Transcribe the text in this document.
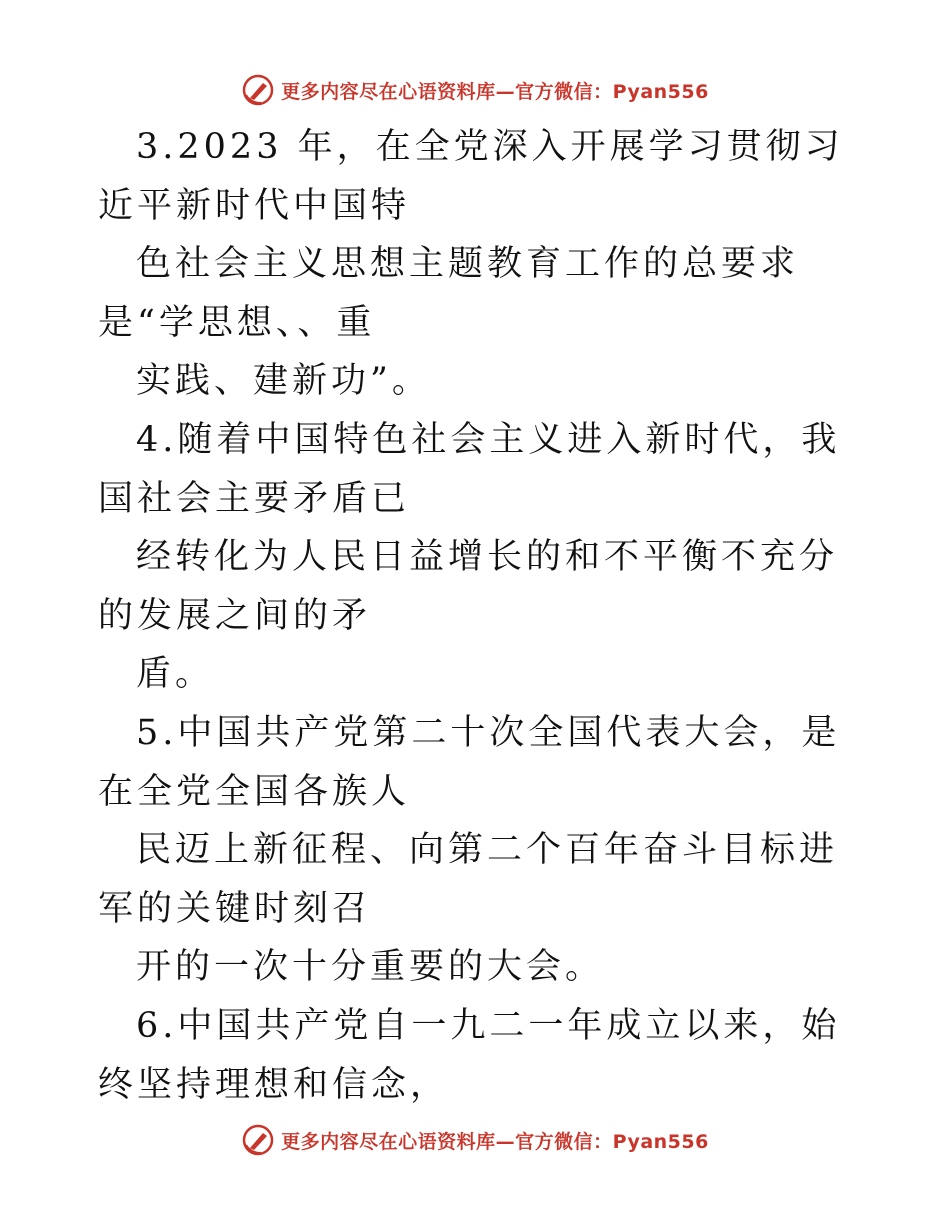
更多内容尽在心语资料库—官方微信：Pyan556

3.2023 年，在全党深入开展学习贯彻习近平新时代中国特

色社会主义思想主题教育工作的总要求是“学思想、、重

实践、建新功”。

4.随着中国特色社会主义进入新时代，我国社会主要矛盾已

经转化为人民日益增长的和不平衡不充分的发展之间的矛

盾。

5.中国共产党第二十次全国代表大会，是在全党全国各族人

民迈上新征程、向第二个百年奋斗目标进军的关键时刻召

开的一次十分重要的大会。

6.中国共产党自一九二一年成立以来，始终坚持理想和信念，

更多内容尽在心语资料库—官方微信：Pyan556
